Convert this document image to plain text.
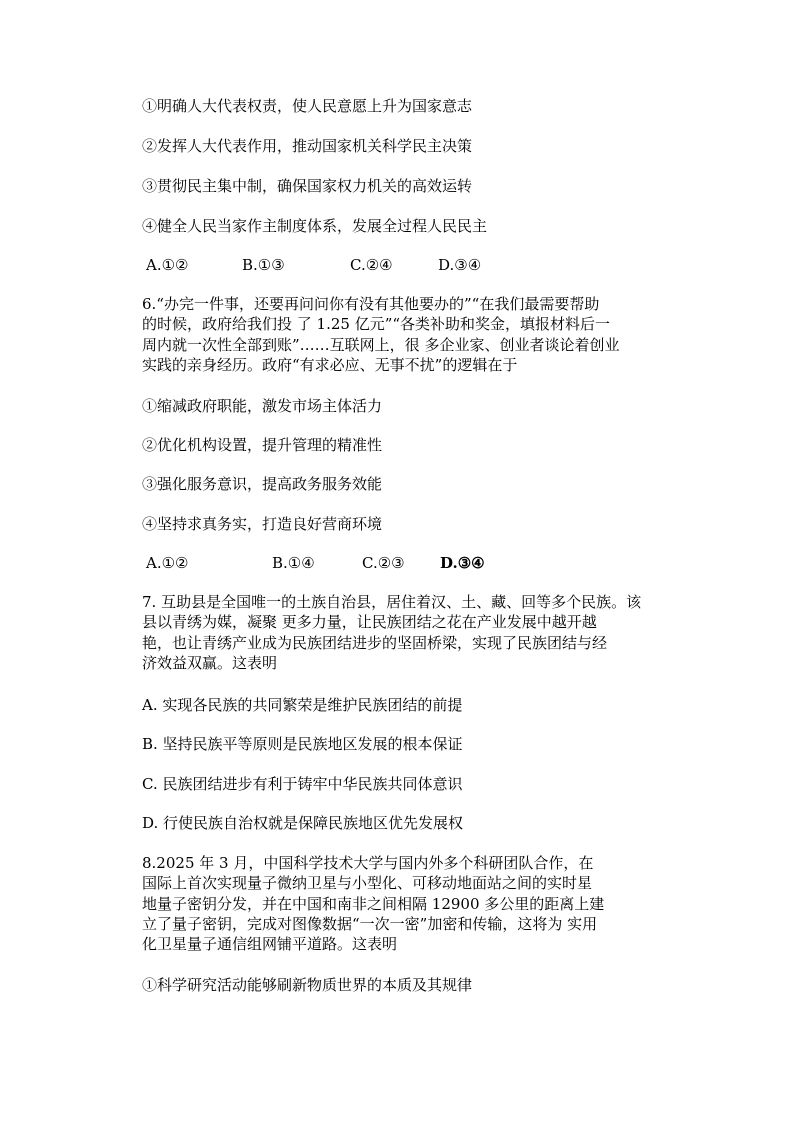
①明确人大代表权责，使人民意愿上升为国家意志
②发挥人大代表作用，推动国家机关科学民主决策
③贯彻民主集中制，确保国家权力机关的高效运转
④健全人民当家作主制度体系，发展全过程人民民主
A.①②	B.①③	C.②④	D.③④
6.“办完一件事，还要再问问你有没有其他要办的”“在我们最需要帮助
的时候，政府给我们投 了 1.25 亿元”“各类补助和奖金，填报材料后一
周内就一次性全部到账”……互联网上，很 多企业家、创业者谈论着创业
实践的亲身经历。政府“有求必应、无事不扰”的逻辑在于
①缩减政府职能，激发市场主体活力
②优化机构设置，提升管理的精准性
③强化服务意识，提高政务服务效能
④坚持求真务实，打造良好营商环境
A.①②	B.①④	C.②③ D.③④
7. 互助县是全国唯一的土族自治县，居住着汉、土、藏、回等多个民族。该
县以青绣为媒，凝聚 更多力量，让民族团结之花在产业发展中越开越
艳，也让青绣产业成为民族团结进步的坚固桥梁，实现了民族团结与经
济效益双赢。这表明
A. 实现各民族的共同繁荣是维护民族团结的前提
B. 坚持民族平等原则是民族地区发展的根本保证
C. 民族团结进步有利于铸牢中华民族共同体意识
D. 行使民族自治权就是保障民族地区优先发展权
8.2025 年 3 月，中国科学技术大学与国内外多个科研团队合作，在
国际上首次实现量子微纳卫星与小型化、可移动地面站之间的实时星
地量子密钥分发，并在中国和南非之间相隔 12900 多公里的距离上建
立了量子密钥，完成对图像数据“一次一密”加密和传输，这将为 实用
化卫星量子通信组网铺平道路。这表明
①科学研究活动能够刷新物质世界的本质及其规律
